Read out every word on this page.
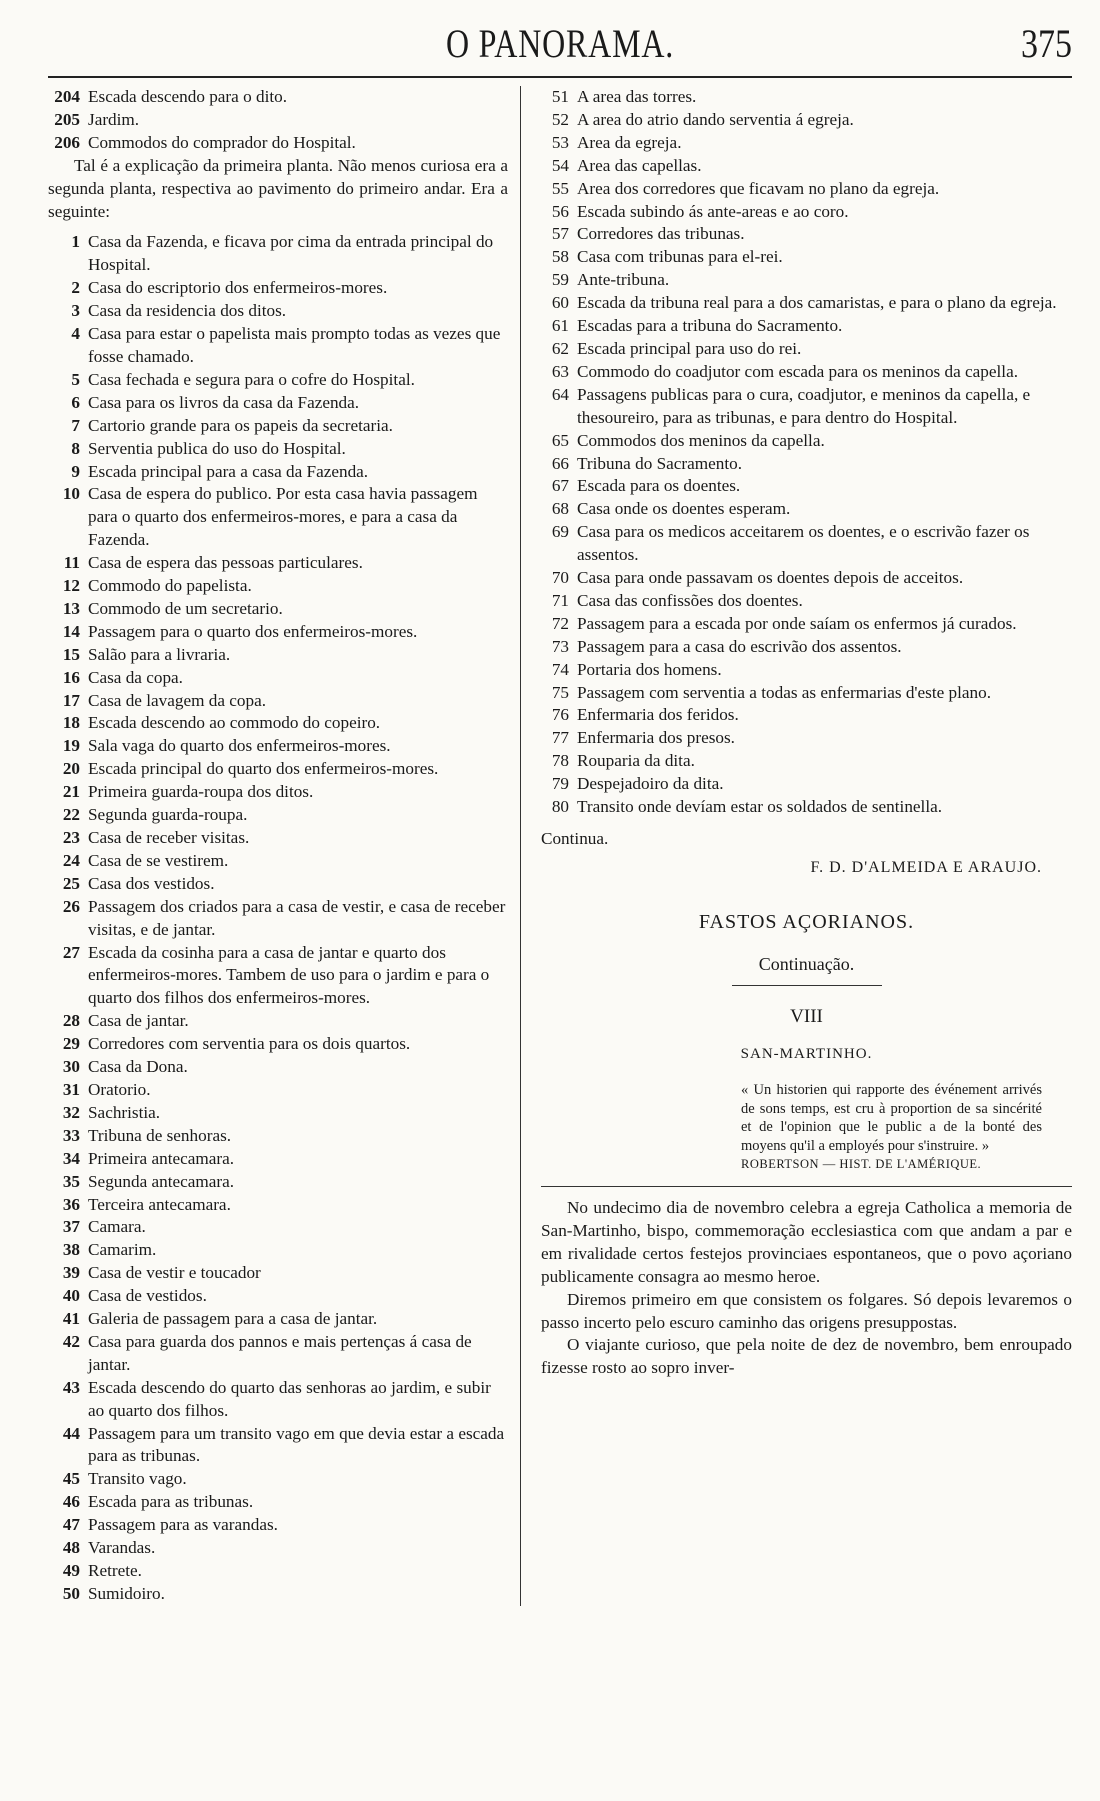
O PANORAMA.	375
204 Escada descendo para o dito.
205 Jardim.
206 Commodos do comprador do Hospital.
Tal é a explicação da primeira planta. Não menos curiosa era a segunda planta, respectiva ao pavimento do primeiro andar. Era a seguinte:
1 Casa da Fazenda, e ficava por cima da entrada principal do Hospital.
2 Casa do escriptorio dos enfermeiros-mores.
3 Casa da residencia dos ditos.
4 Casa para estar o papelista mais prompto todas as vezes que fosse chamado.
5 Casa fechada e segura para o cofre do Hospital.
6 Casa para os livros da casa da Fazenda.
7 Cartorio grande para os papeis da secretaria.
8 Serventia publica do uso do Hospital.
9 Escada principal para a casa da Fazenda.
10 Casa de espera do publico. Por esta casa havia passagem para o quarto dos enfermeiros-mores, e para a casa da Fazenda.
11 Casa de espera das pessoas particulares.
12 Commodo do papelista.
13 Commodo de um secretario.
14 Passagem para o quarto dos enfermeiros-mores.
15 Salão para a livraria.
16 Casa da copa.
17 Casa de lavagem da copa.
18 Escada descendo ao commodo do copeiro.
19 Sala vaga do quarto dos enfermeiros-mores.
20 Escada principal do quarto dos enfermeiros-mores.
21 Primeira guarda-roupa dos ditos.
22 Segunda guarda-roupa.
23 Casa de receber visitas.
24 Casa de se vestirem.
25 Casa dos vestidos.
26 Passagem dos criados para a casa de vestir, e casa de receber visitas, e de jantar.
27 Escada da cosinha para a casa de jantar e quarto dos enfermeiros-mores. Tambem de uso para o jardim e para o quarto dos filhos dos enfermeiros-mores.
28 Casa de jantar.
29 Corredores com serventia para os dois quartos.
30 Casa da Dona.
31 Oratorio.
32 Sachristia.
33 Tribuna de senhoras.
34 Primeira antecamara.
35 Segunda antecamara.
36 Terceira antecamara.
37 Camara.
38 Camarim.
39 Casa de vestir e toucador
40 Casa de vestidos.
41 Galeria de passagem para a casa de jantar.
42 Casa para guarda dos pannos e mais pertenças á casa de jantar.
43 Escada descendo do quarto das senhoras ao jardim, e subir ao quarto dos filhos.
44 Passagem para um transito vago em que devia estar a escada para as tribunas.
45 Transito vago.
46 Escada para as tribunas.
47 Passagem para as varandas.
48 Varandas.
49 Retrete.
50 Sumidoiro.
51 A area das torres.
52 A area do atrio dando serventia á egreja.
53 Area da egreja.
54 Area das capellas.
55 Area dos corredores que ficavam no plano da egreja.
56 Escada subindo ás ante-areas e ao coro.
57 Corredores das tribunas.
58 Casa com tribunas para el-rei.
59 Ante-tribuna.
60 Escada da tribuna real para a dos camaristas, e para o plano da egreja.
61 Escadas para a tribuna do Sacramento.
62 Escada principal para uso do rei.
63 Commodo do coadjutor com escada para os meninos da capella.
64 Passagens publicas para o cura, coadjutor, e meninos da capella, e thesoureiro, para as tribunas, e para dentro do Hospital.
65 Commodos dos meninos da capella.
66 Tribuna do Sacramento.
67 Escada para os doentes.
68 Casa onde os doentes esperam.
69 Casa para os medicos acceitarem os doentes, e o escrivão fazer os assentos.
70 Casa para onde passavam os doentes depois de acceitos.
71 Casa das confissões dos doentes.
72 Passagem para a escada por onde saíam os enfermos já curados.
73 Passagem para a casa do escrivão dos assentos.
74 Portaria dos homens.
75 Passagem com serventia a todas as enfermarias d'este plano.
76 Enfermaria dos feridos.
77 Enfermaria dos presos.
78 Rouparia da dita.
79 Despejadoiro da dita.
80 Transito onde devíam estar os soldados de sentinella.
Continua.
F. D. D'ALMEIDA E ARAUJO.
FASTOS AÇORIANOS.
Continuação.
VIII
SAN-MARTINHO.
« Un historien qui rapporte des événement arrivés de sons temps, est cru à proportion de sa sincérité et de l'opinion que le public a de la bonté des moyens qu'il a employés pour s'instruire. »
ROBERTSON — HIST. DE L'AMÉRIQUE.
No undecimo dia de novembro celebra a egreja Catholica a memoria de San-Martinho, bispo, commemoração ecclesiastica com que andam a par e em rivalidade certos festejos provinciaes espontaneos, que o povo açoriano publicamente consagra ao mesmo heroe.
Diremos primeiro em que consistem os folgares. Só depois levaremos o passo incerto pelo escuro caminho das origens presuppostas.
O viajante curioso, que pela noite de dez de novembro, bem enroupado fizesse rosto ao sopro inver-
